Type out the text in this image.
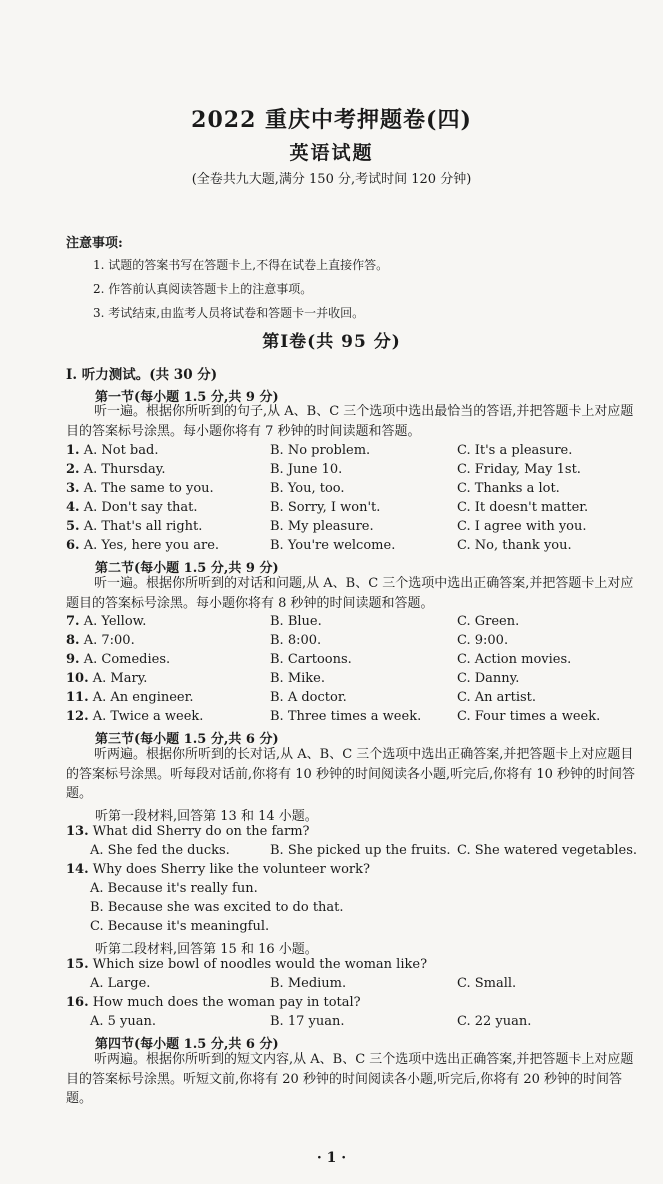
2022 重庆中考押题卷(四)
英语试题
(全卷共九大题,满分 150 分,考试时间 120 分钟)
注意事项:
1. 试题的答案书写在答题卡上,不得在试卷上直接作答。
2. 作答前认真阅读答题卡上的注意事项。
3. 考试结束,由监考人员将试卷和答题卡一并收回。
第Ⅰ卷(共 95 分)
Ⅰ. 听力测试。(共 30 分)
第一节(每小题 1.5 分,共 9 分)
听一遍。根据你所听到的句子,从 A、B、C 三个选项中选出最恰当的答语,并把答题卡上对应题目的答案标号涂黑。每小题你将有 7 秒钟的时间读题和答题。
1. A. Not bad.	B. No problem.	C. It's a pleasure.
2. A. Thursday.	B. June 10.	C. Friday, May 1st.
3. A. The same to you.	B. You, too.	C. Thanks a lot.
4. A. Don't say that.	B. Sorry, I won't.	C. It doesn't matter.
5. A. That's all right.	B. My pleasure.	C. I agree with you.
6. A. Yes, here you are.	B. You're welcome.	C. No, thank you.
第二节(每小题 1.5 分,共 9 分)
听一遍。根据你所听到的对话和问题,从 A、B、C 三个选项中选出正确答案,并把答题卡上对应题目的答案标号涂黑。每小题你将有 8 秒钟的时间读题和答题。
7. A. Yellow.	B. Blue.	C. Green.
8. A. 7:00.	B. 8:00.	C. 9:00.
9. A. Comedies.	B. Cartoons.	C. Action movies.
10. A. Mary.	B. Mike.	C. Danny.
11. A. An engineer.	B. A doctor.	C. An artist.
12. A. Twice a week.	B. Three times a week.	C. Four times a week.
第三节(每小题 1.5 分,共 6 分)
听两遍。根据你所听到的长对话,从 A、B、C 三个选项中选出正确答案,并把答题卡上对应题目的答案标号涂黑。听每段对话前,你将有 10 秒钟的时间阅读各小题,听完后,你将有 10 秒钟的时间答题。
听第一段材料,回答第 13 和 14 小题。
13. What did Sherry do on the farm?
A. She fed the ducks.	B. She picked up the fruits. C. She watered vegetables.
14. Why does Sherry like the volunteer work?
A. Because it's really fun.
B. Because she was excited to do that.
C. Because it's meaningful.
听第二段材料,回答第 15 和 16 小题。
15. Which size bowl of noodles would the woman like?
A. Large.	B. Medium.	C. Small.
16. How much does the woman pay in total?
A. 5 yuan.	B. 17 yuan.	C. 22 yuan.
第四节(每小题 1.5 分,共 6 分)
听两遍。根据你所听到的短文内容,从 A、B、C 三个选项中选出正确答案,并把答题卡上对应题目的答案标号涂黑。听短文前,你将有 20 秒钟的时间阅读各小题,听完后,你将有 20 秒钟的时间答题。
· 1 ·
